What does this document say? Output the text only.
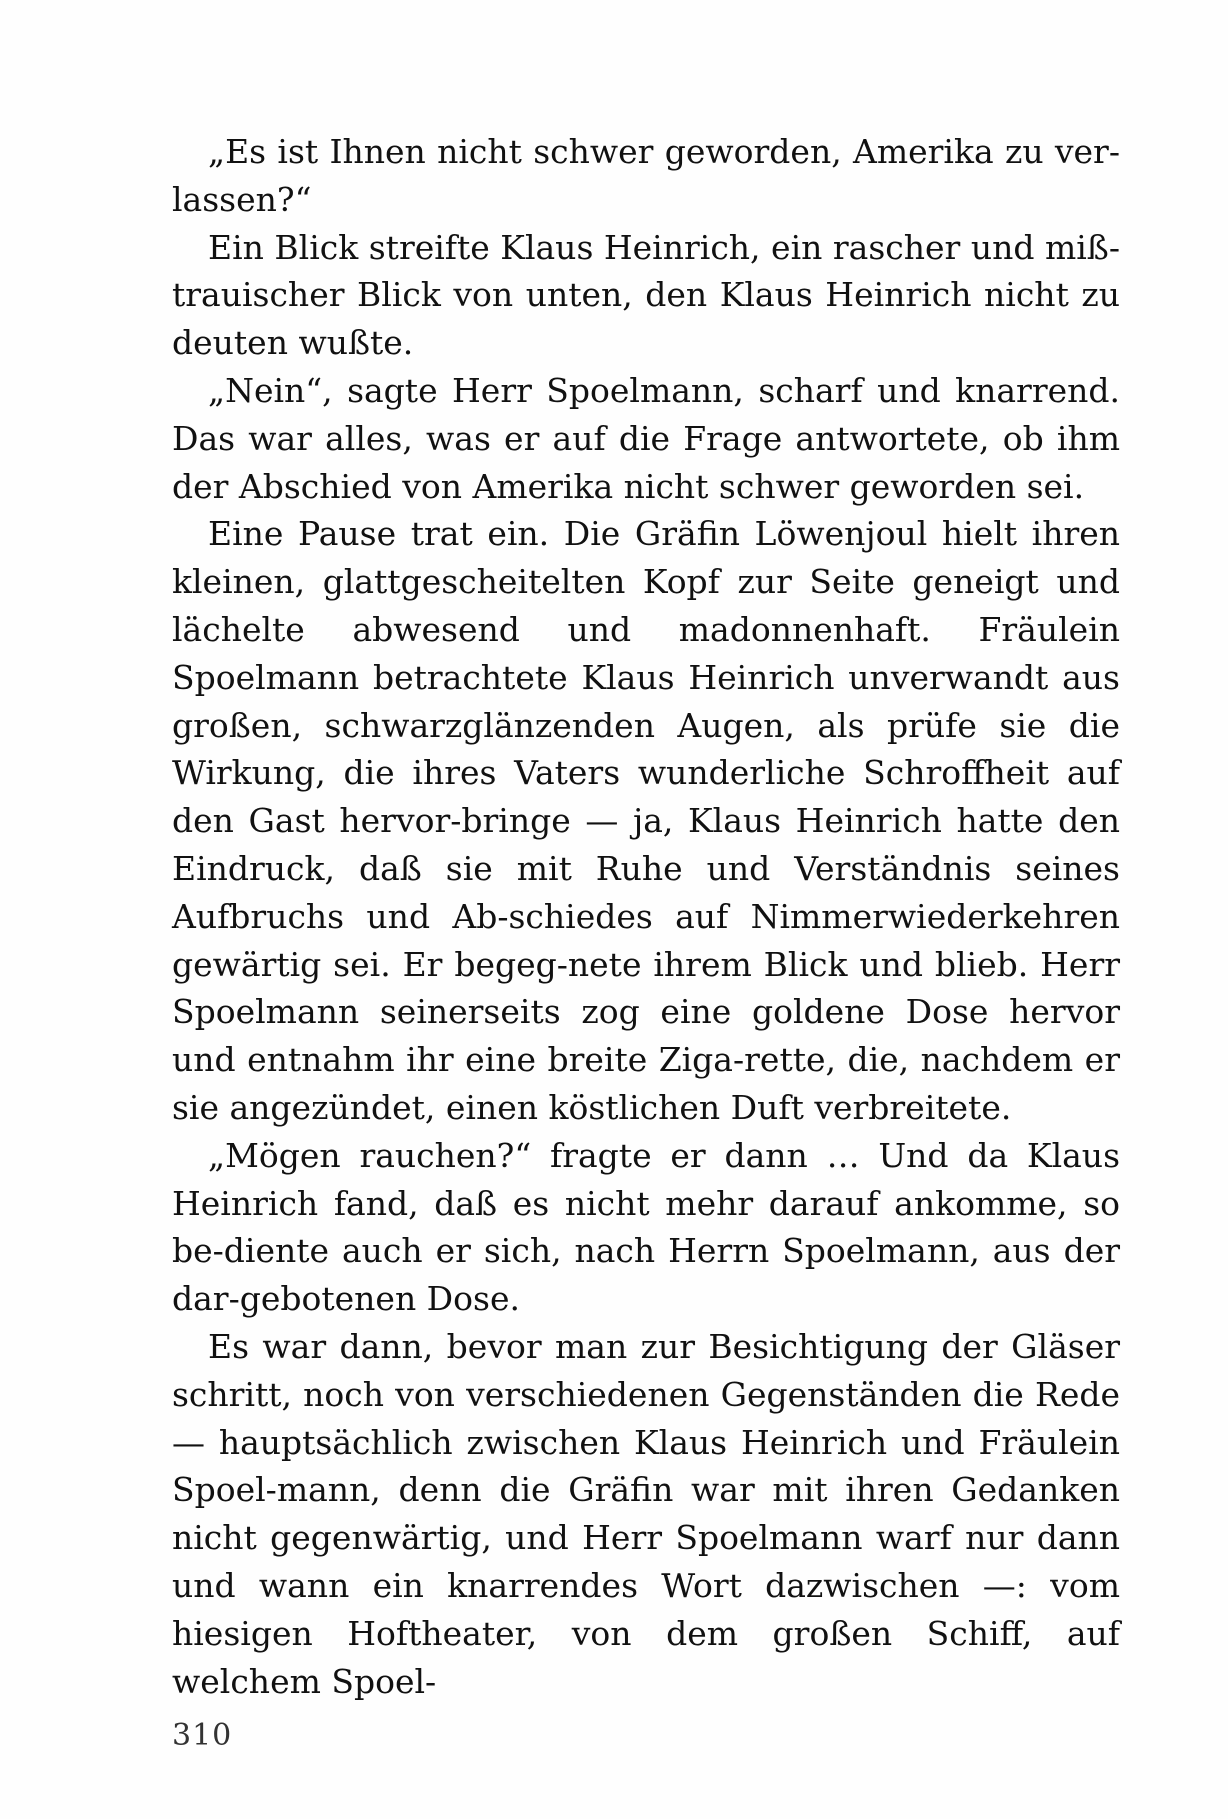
„Es ist Ihnen nicht schwer geworden, Amerika zu ver-lassen?“

Ein Blick streifte Klaus Heinrich, ein rascher und miß-trauischer Blick von unten, den Klaus Heinrich nicht zu deuten wußte.

„Nein“, sagte Herr Spoelmann, scharf und knarrend. Das war alles, was er auf die Frage antwortete, ob ihm der Abschied von Amerika nicht schwer geworden sei.

Eine Pause trat ein. Die Gräfin Löwenjoul hielt ihren kleinen, glattgescheitelten Kopf zur Seite geneigt und lächelte abwesend und madonnenhaft. Fräulein Spoelmann betrachtete Klaus Heinrich unverwandt aus großen, schwarzglänzenden Augen, als prüfe sie die Wirkung, die ihres Vaters wunderliche Schroffheit auf den Gast hervor-bringe — ja, Klaus Heinrich hatte den Eindruck, daß sie mit Ruhe und Verständnis seines Aufbruchs und Ab-schiedes auf Nimmerwiederkehren gewärtig sei. Er begeg-nete ihrem Blick und blieb. Herr Spoelmann seinerseits zog eine goldene Dose hervor und entnahm ihr eine breite Ziga-rette, die, nachdem er sie angezündet, einen köstlichen Duft verbreitete.

„Mögen rauchen?“ fragte er dann … Und da Klaus Heinrich fand, daß es nicht mehr darauf ankomme, so be-diente auch er sich, nach Herrn Spoelmann, aus der dar-gebotenen Dose.

Es war dann, bevor man zur Besichtigung der Gläser schritt, noch von verschiedenen Gegenständen die Rede — hauptsächlich zwischen Klaus Heinrich und Fräulein Spoel-mann, denn die Gräfin war mit ihren Gedanken nicht gegenwärtig, und Herr Spoelmann warf nur dann und wann ein knarrendes Wort dazwischen —: vom hiesigen Hoftheater, von dem großen Schiff, auf welchem Spoel-

310
